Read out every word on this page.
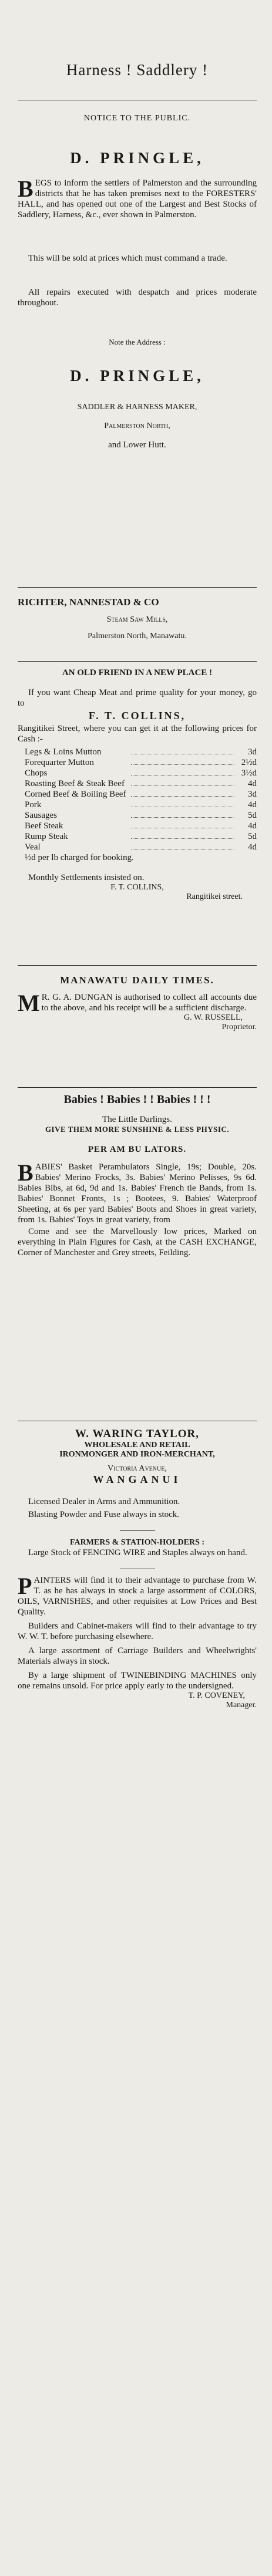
Harness ! Saddlery !
NOTICE TO THE PUBLIC.
D. PRINGLE,
B EGS to inform the settlers of Palmerston and the surrounding districts that he has taken premises next to the FORESTERS' HALL, and has opened out one of the Largest and Best Stocks of Saddlery, Harness, &c., ever shown in Palmerston.

This will be sold at prices which must command a trade.

All repairs executed with despatch and prices moderate throughout.

Note the Address :
D. PRINGLE,
SADDLER & HARNESS MAKER,
Palmerston North,
and Lower Hutt.
RICHTER, NANNESTAD & CO
Steam Saw Mills,
Palmerston North, Manawatu.
AN OLD FRIEND IN A NEW PLACE !

If you want Cheap Meat and prime quality for your money, go to

F. T. COLLINS,

Rangitikei Street, where you can get it at the following prices for Cash :-

Legs & Loins Mutton	3d
Forequarter Mutton	2½d
Chops	3½d
Roasting Beef & Steak Beef	4d
Corned Beef & Boiling Beef	3d
Pork	4d
Sausages	5d
Beef Steak	4d
Rump Steak	5d
Veal	4d

½d per lb charged for booking.

Monthly Settlements insisted on.

F. T. COLLINS,
Rangitikei street.
MANAWATU DAILY TIMES.
M R. G. A. DUNGAN is authorised to collect all accounts due to the above, and his receipt will be a sufficient discharge.

G. W. RUSSELL,
Proprietor.
Babies ! Babies ! ! Babies ! ! !
The Little Darlings.
GIVE THEM MORE SUNSHINE & LESS PHYSIC.
PER AM BU LATORS.
B ABIES' Basket Perambulators Single, 19s; Double, 20s. Babies' Merino Frocks, 3s. Babies' Merino Pelisses, 9s 6d. Babies Bibs, at 6d, 9d and 1s. Babies' French tie Bands, from 1s. Babies' Bonnet Fronts, 1s ; Bootees, 9. Babies' Waterproof Sheeting, at 6s per yard Babies' Boots and Shoes in great variety, from 1s. Babies' Toys in great variety, from

Come and see the Marvellously low prices, Marked on everything in Plain Figures for Cash, at the CASH EXCHANGE, Corner of Manchester and Grey streets, Feilding.

W. WARING TAYLOR,
WHOLESALE AND RETAIL
IRONMONGER AND IRON-MERCHANT,
Victoria Avenue,
WANGANUI

Licensed Dealer in Arms and Ammunition.

Blasting Powder and Fuse always in stock.

FARMERS & STATION-HOLDERS :

Large Stock of FENCING WIRE and Staples always on hand.

P AINTERS will find it to their advantage to purchase from W. T. as he has always in stock a large assortment of COLORS, OILS, VARNISHES, and other requisites at Low Prices and Best Quality.

Builders and Cabinet-makers will find to their advantage to try W. W. T. before purchasing elsewhere.

A large assortment of Carriage Builders and Wheelwrights' Materials always in stock.

By a large shipment of TWINEBINDING MACHINES only one remains unsold. For price apply early to the undersigned.

T. P. COVENEY,
Manager.
